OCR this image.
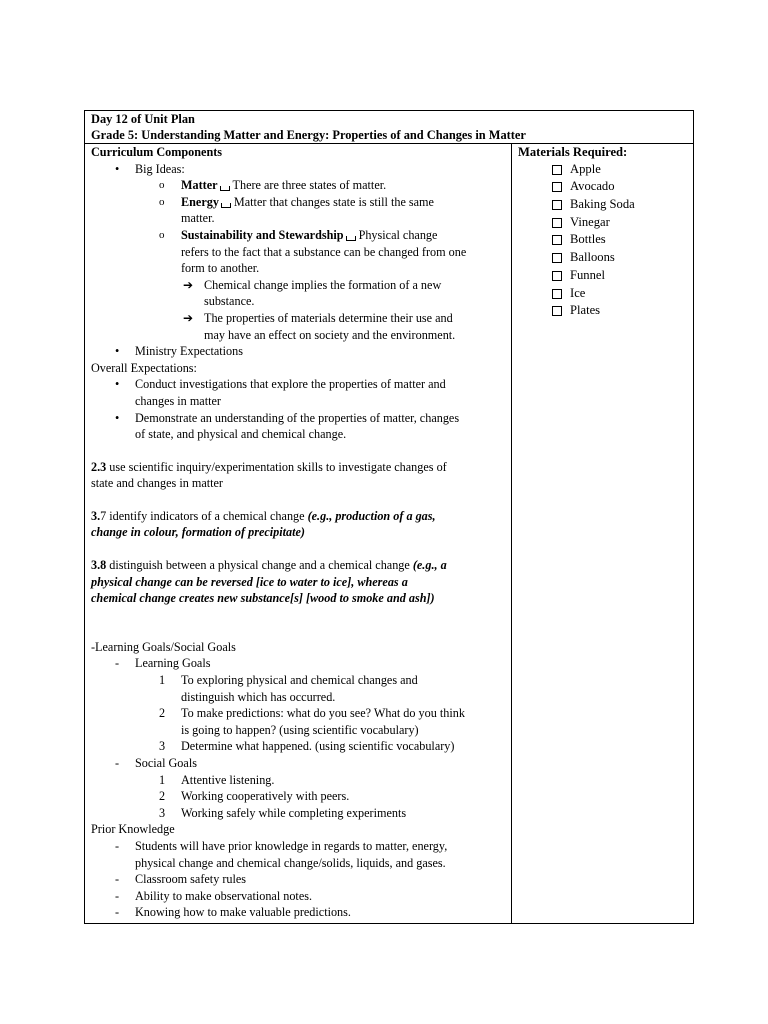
Day 12 of Unit Plan
Grade 5: Understanding Matter and Energy: Properties of and Changes in Matter
Curriculum Components
• Big Ideas:
o Matter There are three states of matter.
o Energy Matter that changes state is still the same
matter.
o Sustainability and Stewardship Physical change
refers to the fact that a substance can be changed from one
form to another.
➔ Chemical change implies the formation of a new
substance.
➔ The properties of materials determine their use and
may have an effect on society and the environment.
• Ministry Expectations
Overall Expectations:
• Conduct investigations that explore the properties of matter and
changes in matter
• Demonstrate an understanding of the properties of matter, changes
of state, and physical and chemical change.
2.3 use scientific inquiry/experimentation skills to investigate changes of
state and changes in matter
3.7 identify indicators of a chemical change (e.g., production of a gas,
change in colour, formation of precipitate)
3.8 distinguish between a physical change and a chemical change (e.g., a
physical change can be reversed [ice to water to ice], whereas a
chemical change creates new substance[s] [wood to smoke and ash])
-Learning Goals/Social Goals
- Learning Goals
1 To exploring physical and chemical changes and
distinguish which has occurred.
2 To make predictions: what do you see? What do you think
is going to happen? (using scientific vocabulary)
3 Determine what happened. (using scientific vocabulary)
- Social Goals
1 Attentive listening.
2 Working cooperatively with peers.
3 Working safely while completing experiments
Prior Knowledge
- Students will have prior knowledge in regards to matter, energy,
physical change and chemical change/solids, liquids, and gases.
- Classroom safety rules
- Ability to make observational notes.
- Knowing how to make valuable predictions.
Materials Required:
Apple
Avocado
Baking Soda
Vinegar
Bottles
Balloons
Funnel
Ice
Plates
